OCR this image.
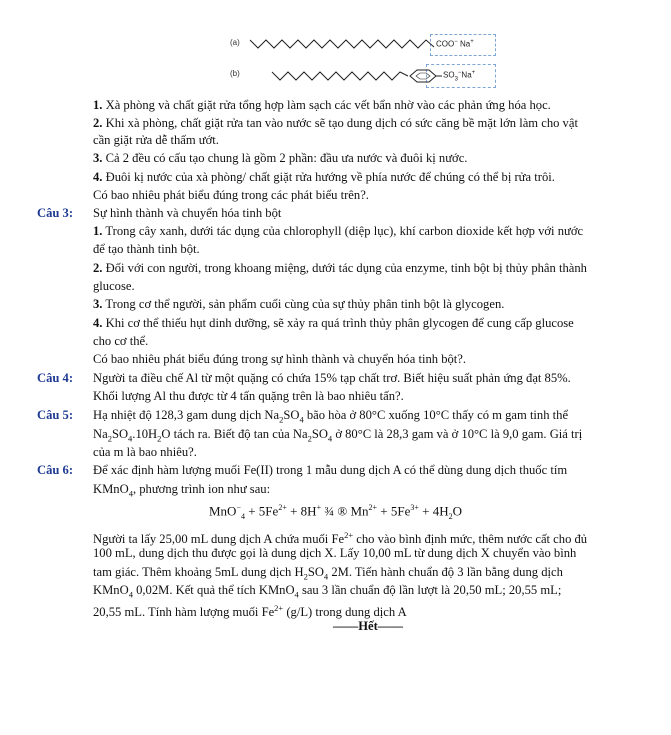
(a)
(b)
COO− Na+
$SO_3^-Na^+$
1. Xà phòng và chất giặt rửa tổng hợp làm sạch các vết bẩn nhờ vào các phản ứng hóa học.
2. Khi xà phòng, chất giặt rửa tan vào nước sẽ tạo dung dịch có sức căng bề mặt lớn làm cho vật
cần giặt rửa dễ thấm ướt.
3. Cả 2 đều có cấu tạo chung là gồm 2 phần: đầu ưa nước và đuôi kị nước.
4. Đuôi kị nước của xà phòng/ chất giặt rửa hướng về phía nước để chúng có thể bị rửa trôi.
Có bao nhiêu phát biểu đúng trong các phát biểu trên?.
Câu 3: Sự hình thành và chuyển hóa tinh bột
1. Trong cây xanh, dưới tác dụng của chlorophyll (diệp lục), khí carbon dioxide kết hợp với nước
để tạo thành tinh bột.
2. Đối với con người, trong khoang miệng, dưới tác dụng của enzyme, tinh bột bị thủy phân thành
glucose.
3. Trong cơ thể người, sản phẩm cuối cùng của sự thủy phân tinh bột là glycogen.
4. Khi cơ thể thiếu hụt dinh dưỡng, sẽ xảy ra quá trình thủy phân glycogen để cung cấp glucose
cho cơ thể.
Có bao nhiêu phát biểu đúng trong sự hình thành và chuyển hóa tinh bột?.
Câu 4: Người ta điều chế Al từ một quặng có chứa 15% tạp chất trơ. Biết hiệu suất phản ứng đạt 85%.
Khối lượng Al thu được từ 4 tấn quặng trên là bao nhiêu tấn?.
Câu 5: Hạ nhiệt độ 128,3 gam dung dịch $Na_2SO_4$ bão hòa ở 80°C xuống 10°C thấy có m gam tinh thể
$Na_2SO_4.10H_2O$ tách ra. Biết độ tan của $Na_2SO_4$ ở 80°C là 28,3 gam và ở 10°C là 9,0 gam. Giá trị
của m là bao nhiêu?.
Câu 6: Để xác định hàm lượng muối Fe(II) trong 1 mẫu dung dịch A có thể dùng dung dịch thuốc tím
KMnO$_4$, phương trình ion như sau:
$MnO^-_4 + 5Fe^{2+} + 8H^+$ ¾ ® $Mn^{2+} + 5Fe^{3+} + 4H_2O$
Người ta lấy 25,00 mL dung dịch A chứa muối $Fe^{2+}$ cho vào bình định mức, thêm nước cất cho đủ
100 mL, dung dịch thu được gọi là dung dịch X. Lấy 10,00 mL từ dung dịch X chuyển vào bình
tam giác. Thêm khoảng 5mL dung dịch $H_2SO_4$ 2M. Tiến hành chuẩn độ 3 lần bằng dung dịch
KMnO$_4$ 0,02M. Kết quả thể tích KMnO$_4$ sau 3 lần chuẩn độ lần lượt là 20,50 mL; 20,55 mL;
20,55 mL. Tính hàm lượng muối $Fe^{2+}$ (g/L) trong dung dịch A
——Hết——
